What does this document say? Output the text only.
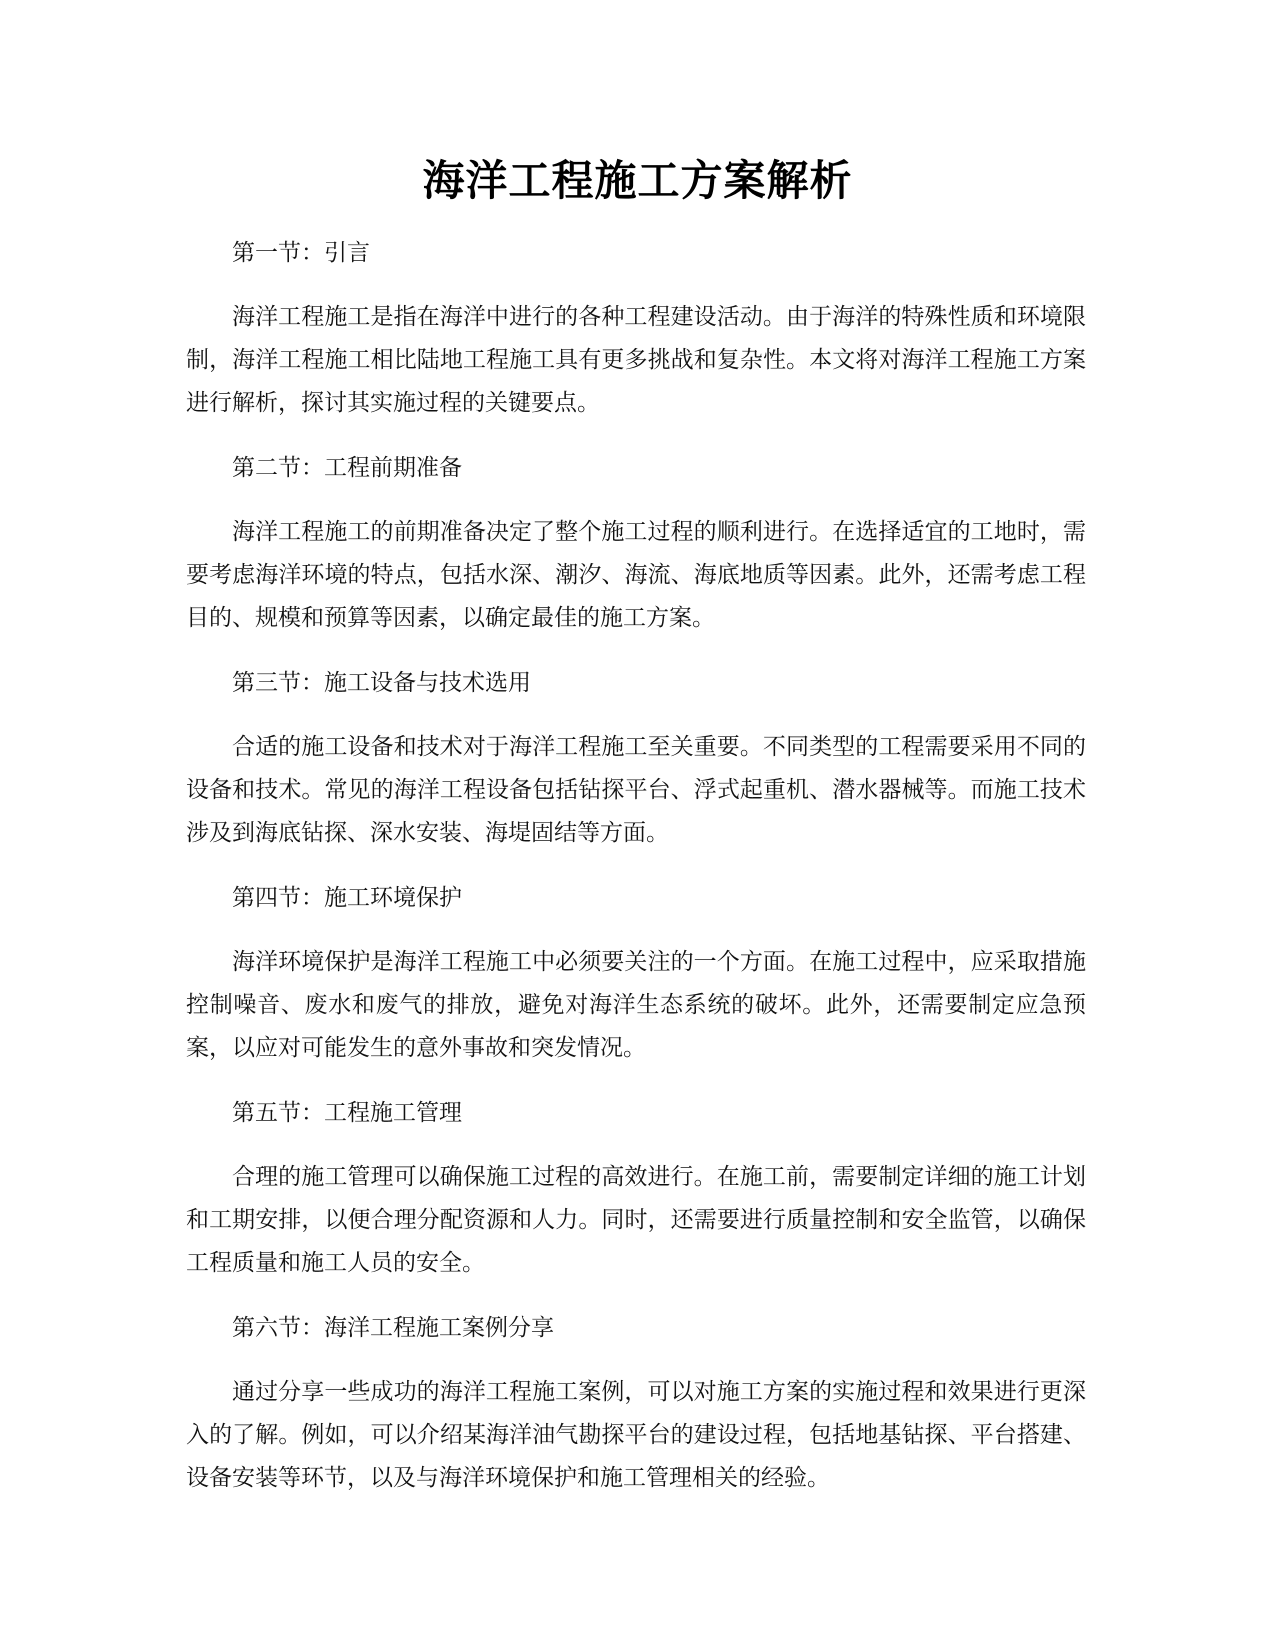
海洋工程施工方案解析

第一节：引言

海洋工程施工是指在海洋中进行的各种工程建设活动。由于海洋的特殊性质和环境限制，海洋工程施工相比陆地工程施工具有更多挑战和复杂性。本文将对海洋工程施工方案进行解析，探讨其实施过程的关键要点。

第二节：工程前期准备

海洋工程施工的前期准备决定了整个施工过程的顺利进行。在选择适宜的工地时，需要考虑海洋环境的特点，包括水深、潮汐、海流、海底地质等因素。此外，还需考虑工程目的、规模和预算等因素，以确定最佳的施工方案。

第三节：施工设备与技术选用

合适的施工设备和技术对于海洋工程施工至关重要。不同类型的工程需要采用不同的设备和技术。常见的海洋工程设备包括钻探平台、浮式起重机、潜水器械等。而施工技术涉及到海底钻探、深水安装、海堤固结等方面。

第四节：施工环境保护

海洋环境保护是海洋工程施工中必须要关注的一个方面。在施工过程中，应采取措施控制噪音、废水和废气的排放，避免对海洋生态系统的破坏。此外，还需要制定应急预案，以应对可能发生的意外事故和突发情况。

第五节：工程施工管理

合理的施工管理可以确保施工过程的高效进行。在施工前，需要制定详细的施工计划和工期安排，以便合理分配资源和人力。同时，还需要进行质量控制和安全监管，以确保工程质量和施工人员的安全。

第六节：海洋工程施工案例分享

通过分享一些成功的海洋工程施工案例，可以对施工方案的实施过程和效果进行更深入的了解。例如，可以介绍某海洋油气勘探平台的建设过程，包括地基钻探、平台搭建、设备安装等环节，以及与海洋环境保护和施工管理相关的经验。
